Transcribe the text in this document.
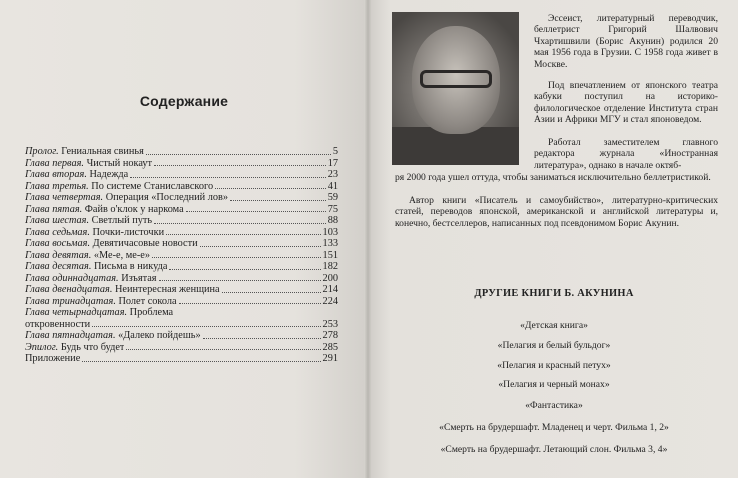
Содержание
Пролог. Гениальная свинья	5
Глава первая. Чистый нокаут	17
Глава вторая. Надежда	23
Глава третья. По системе Станиславского	41
Глава четвертая. Операция «Последний лов»	59
Глава пятая. Файв о'клок у наркома	75
Глава шестая. Светлый путь	88
Глава седьмая. Почки-листочки	103
Глава восьмая. Девятичасовые новости	133
Глава девятая. «Ме-е, ме-е»	151
Глава десятая. Письма в никуда	182
Глава одиннадцатая. Изъятая	200
Глава двенадцатая. Неинтересная женщина	214
Глава тринадцатая. Полет сокола	224
Глава четырнадцатая. Проблема
откровенности	253
Глава пятнадцатая. «Далеко пойдешь»	278
Эпилог. Будь что будет	285
Приложение	291

Эссеист, литературный переводчик, беллетрист Григорий Шалвович Чхартишвили (Борис Акунин) родился 20 мая 1956 года в Грузии. С 1958 года живет в Москве.

Под впечатлением от японского театра кабуки поступил на историко-филологическое отделение Института стран Азии и Африки МГУ и стал японоведом.

Работал заместителем главного редактора журнала «Иностранная литература», однако в начале октяб-

ря 2000 года ушел оттуда, чтобы заниматься исключительно беллетристикой.

Автор книги «Писатель и самоубийство», литературно-критических статей, переводов японской, американской и английской литературы и, конечно, бестселлеров, написанных под псевдонимом Борис Акунин.

ДРУГИЕ КНИГИ Б. АКУНИНА
«Детская книга»
«Пелагия и белый бульдог»
«Пелагия и красный петух»
«Пелагия и черный монах»
«Фантастика»
«Смерть на брудершафт. Младенец и черт. Фильма 1, 2»
«Смерть на брудершафт. Летающий слон. Фильма 3, 4»
